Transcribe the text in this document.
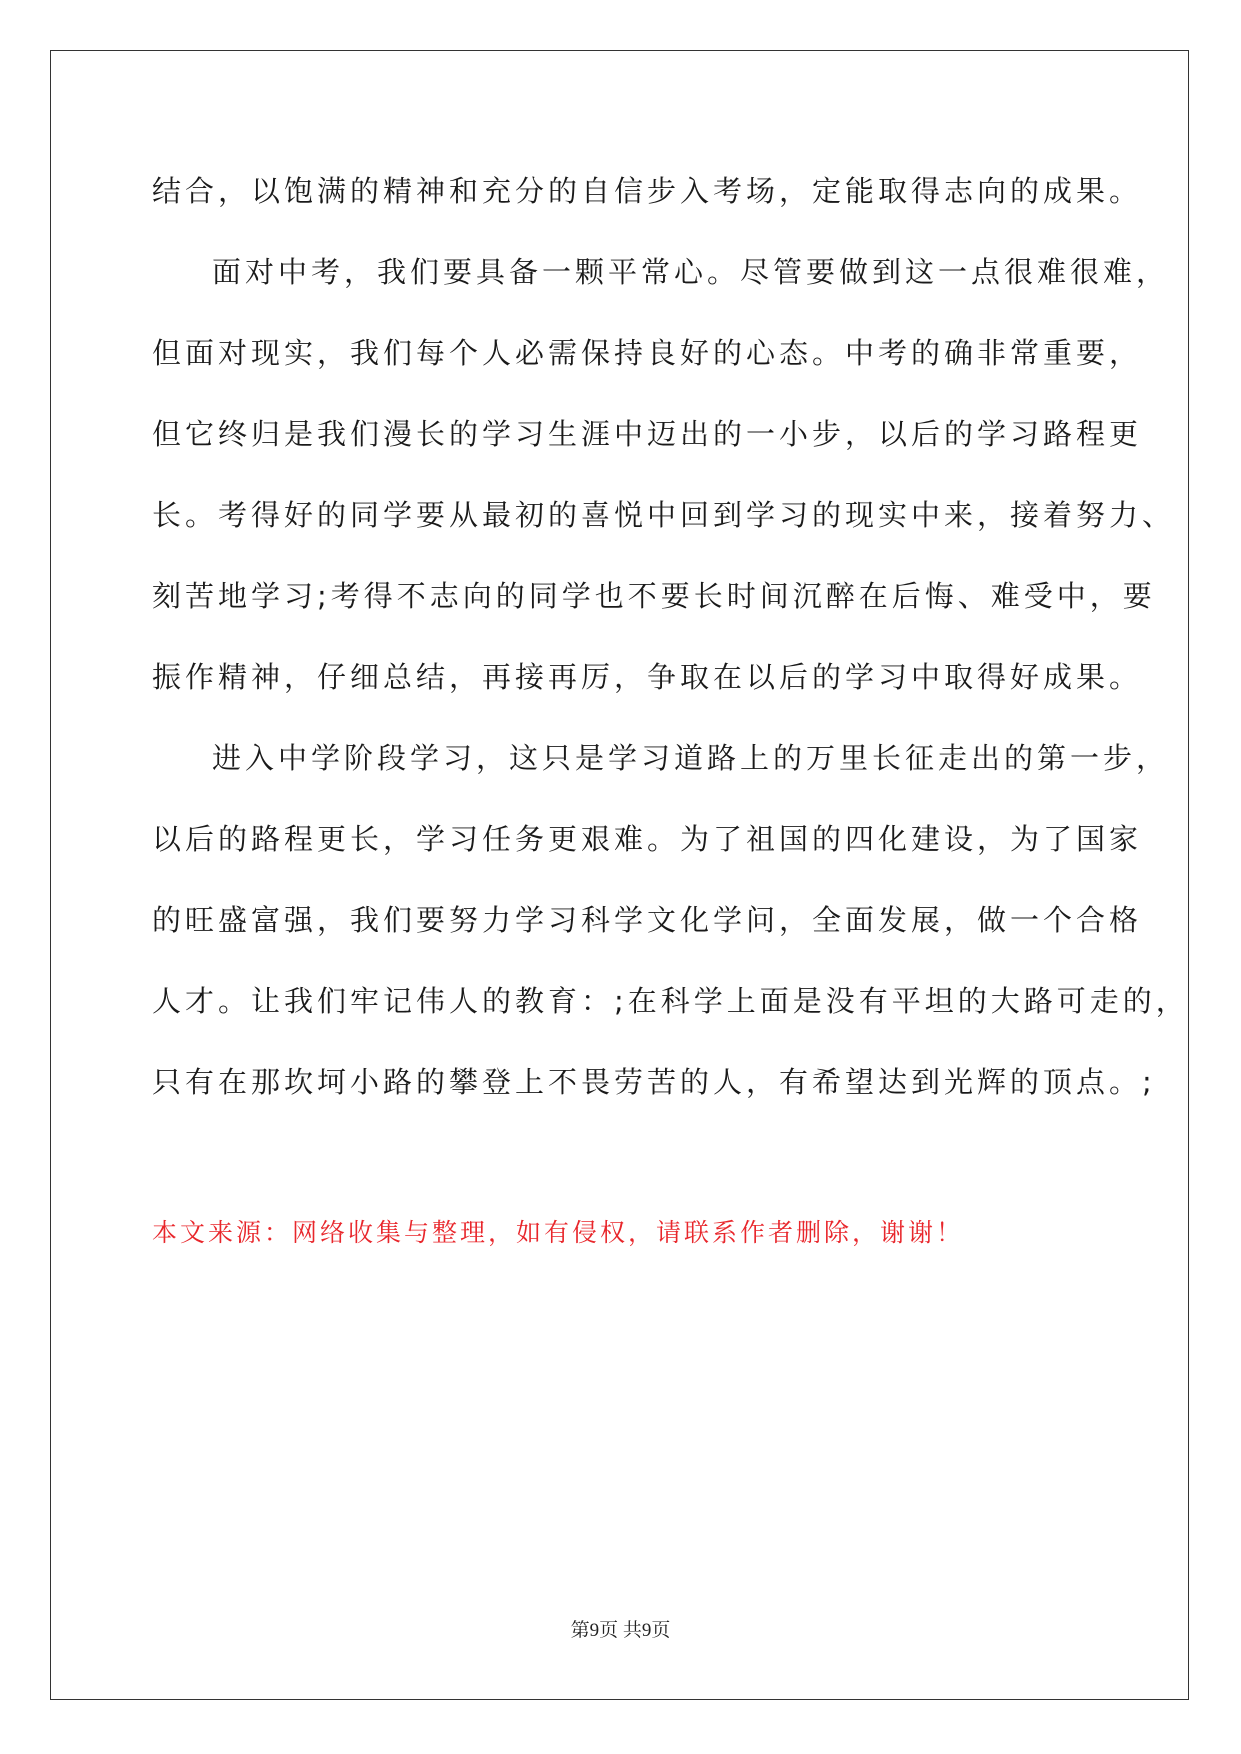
结合，以饱满的精神和充分的自信步入考场，定能取得志向的成果。
面对中考，我们要具备一颗平常心。尽管要做到这一点很难很难，
但面对现实，我们每个人必需保持良好的心态。中考的确非常重要，
但它终归是我们漫长的学习生涯中迈出的一小步，以后的学习路程更
长。考得好的同学要从最初的喜悦中回到学习的现实中来，接着努力、
刻苦地学习;考得不志向的同学也不要长时间沉醉在后悔、难受中，要
振作精神，仔细总结，再接再厉，争取在以后的学习中取得好成果。
进入中学阶段学习，这只是学习道路上的万里长征走出的第一步，
以后的路程更长，学习任务更艰难。为了祖国的四化建设，为了国家
的旺盛富强，我们要努力学习科学文化学问，全面发展，做一个合格
人才。让我们牢记伟人的教育：;在科学上面是没有平坦的大路可走的，
只有在那坎坷小路的攀登上不畏劳苦的人，有希望达到光辉的顶点。;
本文来源：网络收集与整理，如有侵权，请联系作者删除，谢谢！
第9页 共9页
